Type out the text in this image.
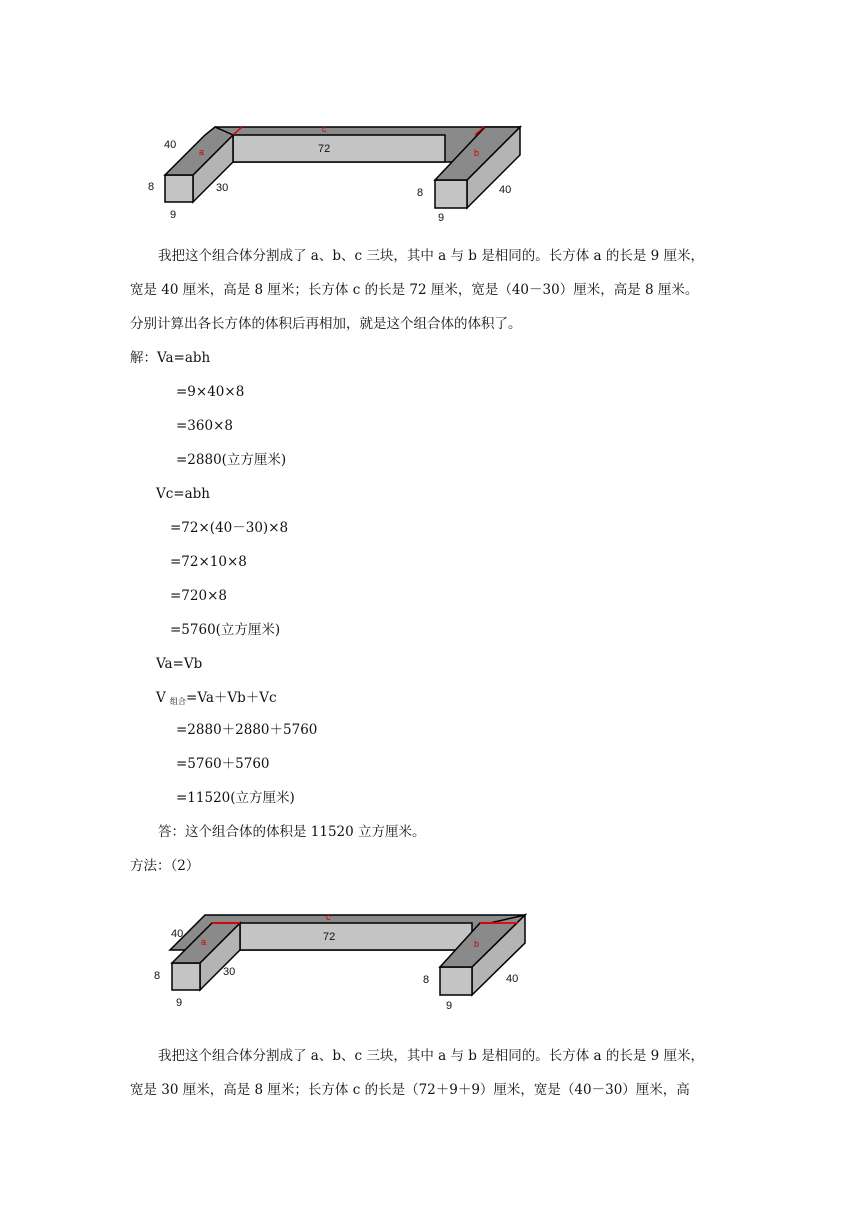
40
8
9
30
a
c
72	b
8
9
40
我把这个组合体分割成了 a、b、c 三块，其中 a 与 b 是相同的。长方体 a 的长是 9 厘米，
宽是 40 厘米，高是 8 厘米；长方体 c 的长是 72 厘米，宽是（40－30）厘米，高是 8 厘米。
分别计算出各长方体的体积后再相加，就是这个组合体的体积了。
解：Va=abh
=9×40×8
=360×8
=2880(立方厘米)
Vc=abh
=72×(40－30)×8
=72×10×8
=720×8
=5760(立方厘米)
Va=Vb
V $_{组合}$=Va＋Vb＋Vc
=2880＋2880＋5760
=5760＋5760
=11520(立方厘米)
答：这个组合体的体积是 11520 立方厘米。
方法：（2）
40
8
9
30
a
c
72
b
8
9
40
我把这个组合体分割成了 a、b、c 三块，其中 a 与 b 是相同的。长方体 a 的长是 9 厘米，
宽是 30 厘米，高是 8 厘米；长方体 c 的长是（72＋9＋9）厘米，宽是（40－30）厘米，高
